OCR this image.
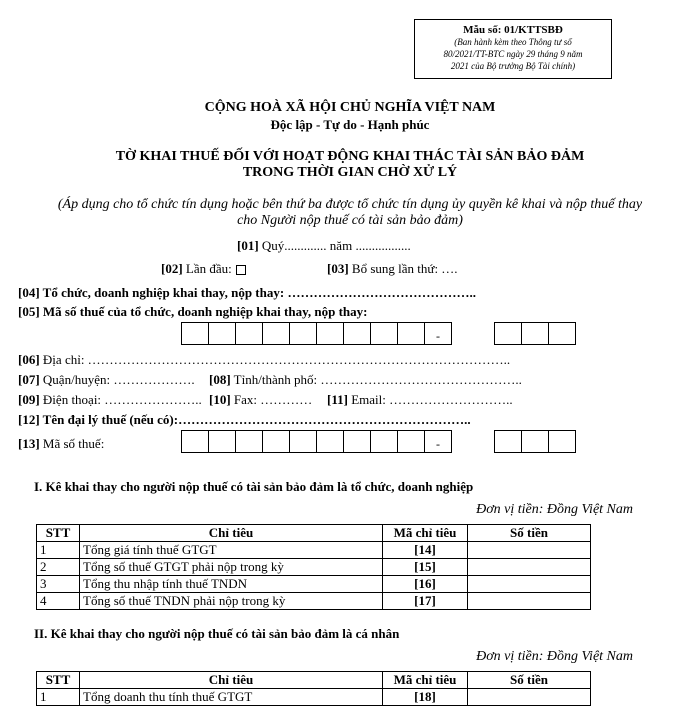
Mẫu số: 01/KTTSBĐ
(Ban hành kèm theo Thông tư số
80/2021/TT-BTC ngày 29 tháng 9 năm
2021 của Bộ trưởng Bộ Tài chính)
CỘNG HOÀ XÃ HỘI CHỦ NGHĨA VIỆT NAM
Độc lập - Tự do - Hạnh phúc
TỜ KHAI THUẾ ĐỐI VỚI HOẠT ĐỘNG KHAI THÁC TÀI SẢN BẢO ĐẢM
TRONG THỜI GIAN CHỜ XỬ LÝ
(Áp dụng cho tổ chức tín dụng hoặc bên thứ ba được tổ chức tín dụng ủy quyền kê khai và nộp thuế thay
cho Người nộp thuế có tài sản bảo đảm)
[01] Quý............. năm .................
[02] Lần đầu:	[03] Bổ sung lần thứ: ….
[04] Tổ chức, doanh nghiệp khai thay, nộp thay: ……………………………………..
[05] Mã số thuế của tổ chức, doanh nghiệp khai thay, nộp thay:
-
[06] Địa chỉ: ……………………………………………………………………………………..
[07] Quận/huyện: ………………. [08] Tỉnh/thành phố: ………………………………………..
[09] Điện thoại: ………………….. [10] Fax: ………… [11] Email: ………………………..
[12] Tên đại lý thuế (nếu có):…………………………………………………………..
[13] Mã số thuế:	-
I. Kê khai thay cho người nộp thuế có tài sản bảo đảm là tổ chức, doanh nghiệp
Đơn vị tiền: Đồng Việt Nam
STT	Chỉ tiêu	Mã chỉ tiêu	Số tiền
1	Tổng giá tính thuế GTGT	[14]	
2	Tổng số thuế GTGT phải nộp trong kỳ	[15]	
3	Tổng thu nhập tính thuế TNDN	[16]	
4	Tổng số thuế TNDN phải nộp trong kỳ	[17]	
II. Kê khai thay cho người nộp thuế có tài sản bảo đảm là cá nhân
Đơn vị tiền: Đồng Việt Nam
STT	Chỉ tiêu	Mã chỉ tiêu	Số tiền
1	Tổng doanh thu tính thuế GTGT	[18]	
